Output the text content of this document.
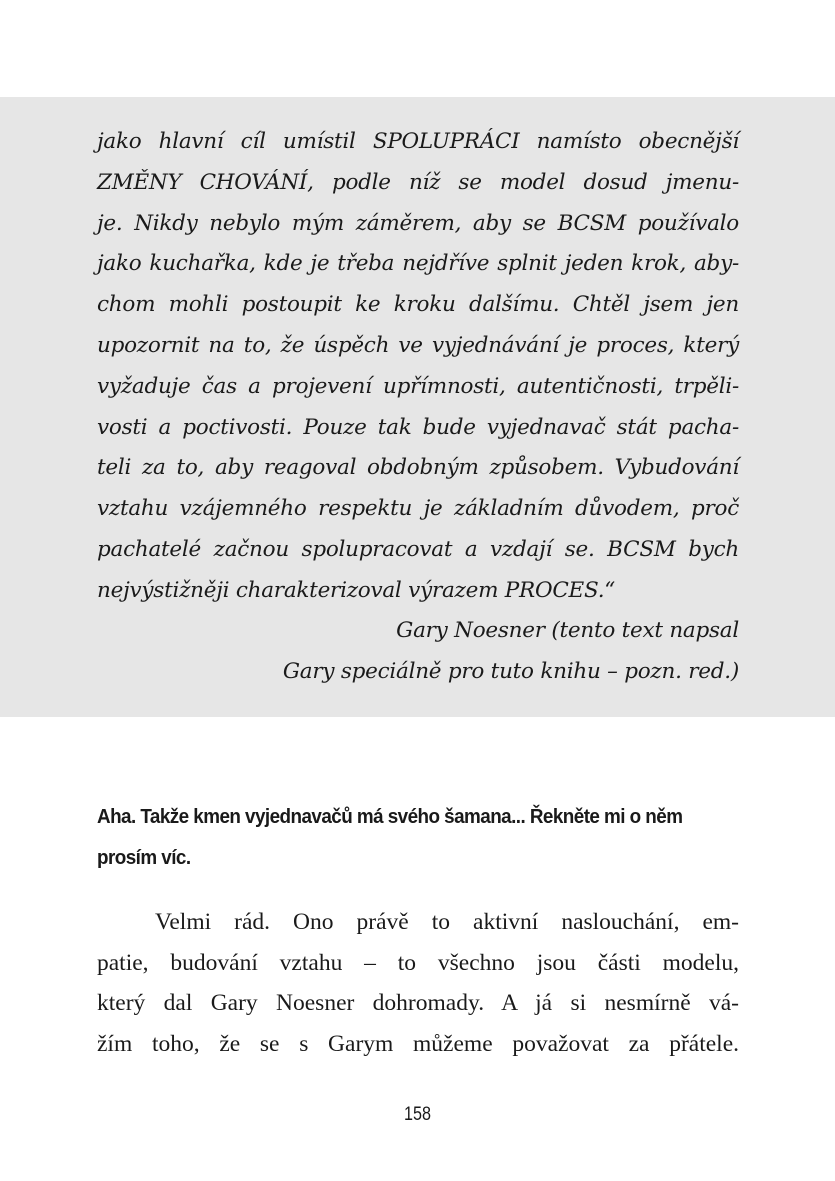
jako hlavní cíl umístil SPOLUPRÁCI namísto obecnější
ZMĚNY CHOVÁNÍ, podle níž se model dosud jmenu-
je. Nikdy nebylo mým záměrem, aby se BCSM používalo
jako kuchařka, kde je třeba nejdříve splnit jeden krok, aby-
chom mohli postoupit ke kroku dalšímu. Chtěl jsem jen
upozornit na to, že úspěch ve vyjednávání je proces, který
vyžaduje čas a projevení upřímnosti, autentičnosti, trpěli-
vosti a poctivosti. Pouze tak bude vyjednavač stát pacha-
teli za to, aby reagoval obdobným způsobem. Vybudování
vztahu vzájemného respektu je základním důvodem, proč
pachatelé začnou spolupracovat a vzdají se. BCSM bych
nejvýstižněji charakterizoval výrazem PROCES.“
Gary Noesner (tento text napsal
Gary speciálně pro tuto knihu – pozn. red.)
Aha. Takže kmen vyjednavačů má svého šamana... Řekněte mi o něm
prosím víc.
Velmi rád. Ono právě to aktivní naslouchání, em-
patie, budování vztahu – to všechno jsou části modelu,
který dal Gary Noesner dohromady. A já si nesmírně vá-
žím toho, že se s Garym můžeme považovat za přátele.
158
